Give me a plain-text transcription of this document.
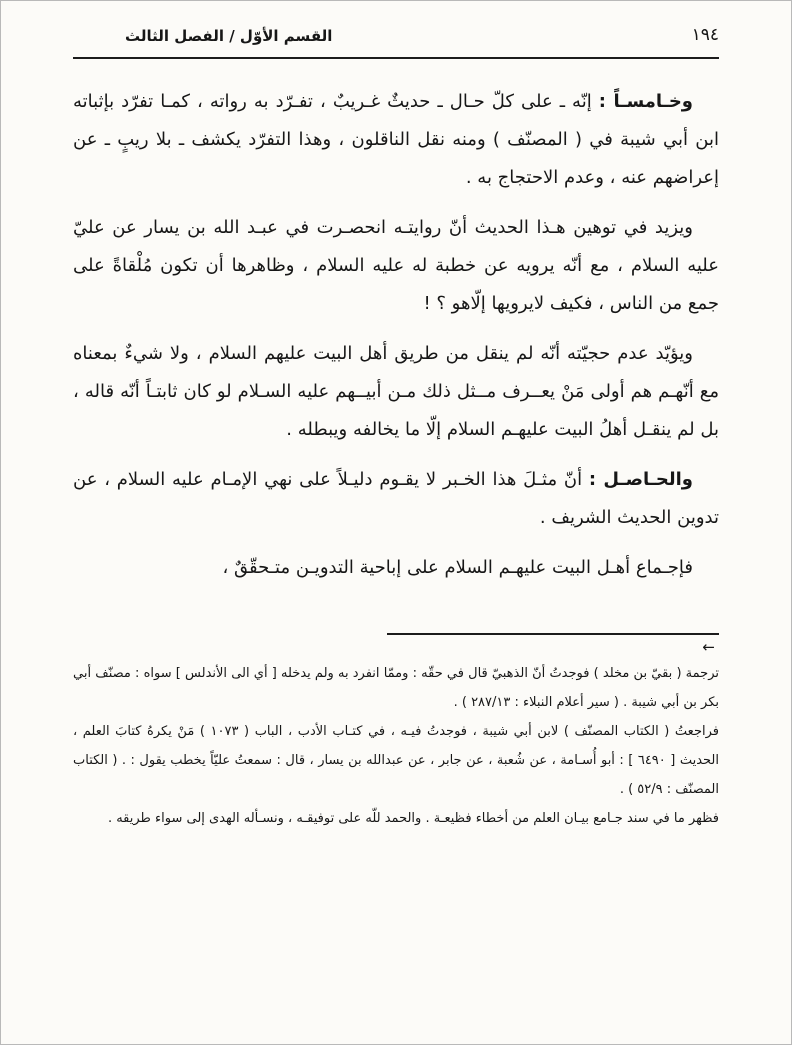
١٩٤
القسم الأوّل / الفصل الثالث

وخـامسـاً : إنّه ـ على كلّ حـال ـ حديثٌ غـريبٌ ، تفـرّد به رواته ، كمـا تفرّد بإثباته ابن أبي شيبة في ( المصنّف ) ومنه نقل الناقلون ، وهذا التفرّد يكشف ـ بلا ريبٍ ـ عن إعراضهم عنه ، وعدم الاحتجاج به .

ويزيد في توهين هـذا الحديث أنّ روايتـه انحصـرت في عبـد الله بن يسار عن عليّ عليه السلام ، مع أنّه يرويه عن خطبة له عليه السلام ، وظاهرها أن تكون مُلْقاةً على جمع من الناس ، فكيف لايرويها إلّاهو ؟ !

ويؤيّد عدم حجيّته أنّه لم ينقل من طريق أهل البيت عليهم السلام ، ولا شيءٌ بمعناه مع أنّهـم هم أولى مَنْ يعــرف مــثل ذلك مـن أبيــهم عليه السـلام لو كان ثابتـاً أنّه قاله ، بل لم ينقـل أهلُ البيت عليهـم السلام إلّا ما يخالفه ويبطله .

والحـاصـل : أنّ مثـلَ هذا الخـبر لا يقـوم دليـلاً على نهي الإمـام عليه السلام ، عن تدوين الحديث الشريف .

فإجـماع أهـل البيت عليهـم السلام على إباحية التدويـن متـحقّقٌ ،

←

ترجمة ( بقيّ بن مخلد ) فوجدتُ أنّ الذهبيّ قال في حقّه : وممّا انفرد به ولم يدخله [ أي الى الأندلس ] سواه : مصنّف أبي بكر بن أبي شيبة . ( سير أعلام النبلاء : ٢٨٧/١٣ ) .

فراجعتُ ( الكتاب المصنّف ) لابن أبي شيبة ، فوجدتُ فيـه ، في كتـاب الأدب ، الباب ( ١٠٧٣ ) مَنْ يكرهُ كتابَ العلم ، الحديث [ ٦٤٩٠ ] : أبو أُسـامة ، عن شُعبة ، عن جابر ، عن عبدالله بن يسار ، قال : سمعتُ عليّاً يخطب يقول : . ( الكتاب المصنّف : ٥٢/٩ ) .

فظهر ما في سند جـامع بيـان العلم من أخطاء فظيعـة . والحمد للّه على توفيقـه ، ونسـأله الهدى إلى سواء طريقه .
